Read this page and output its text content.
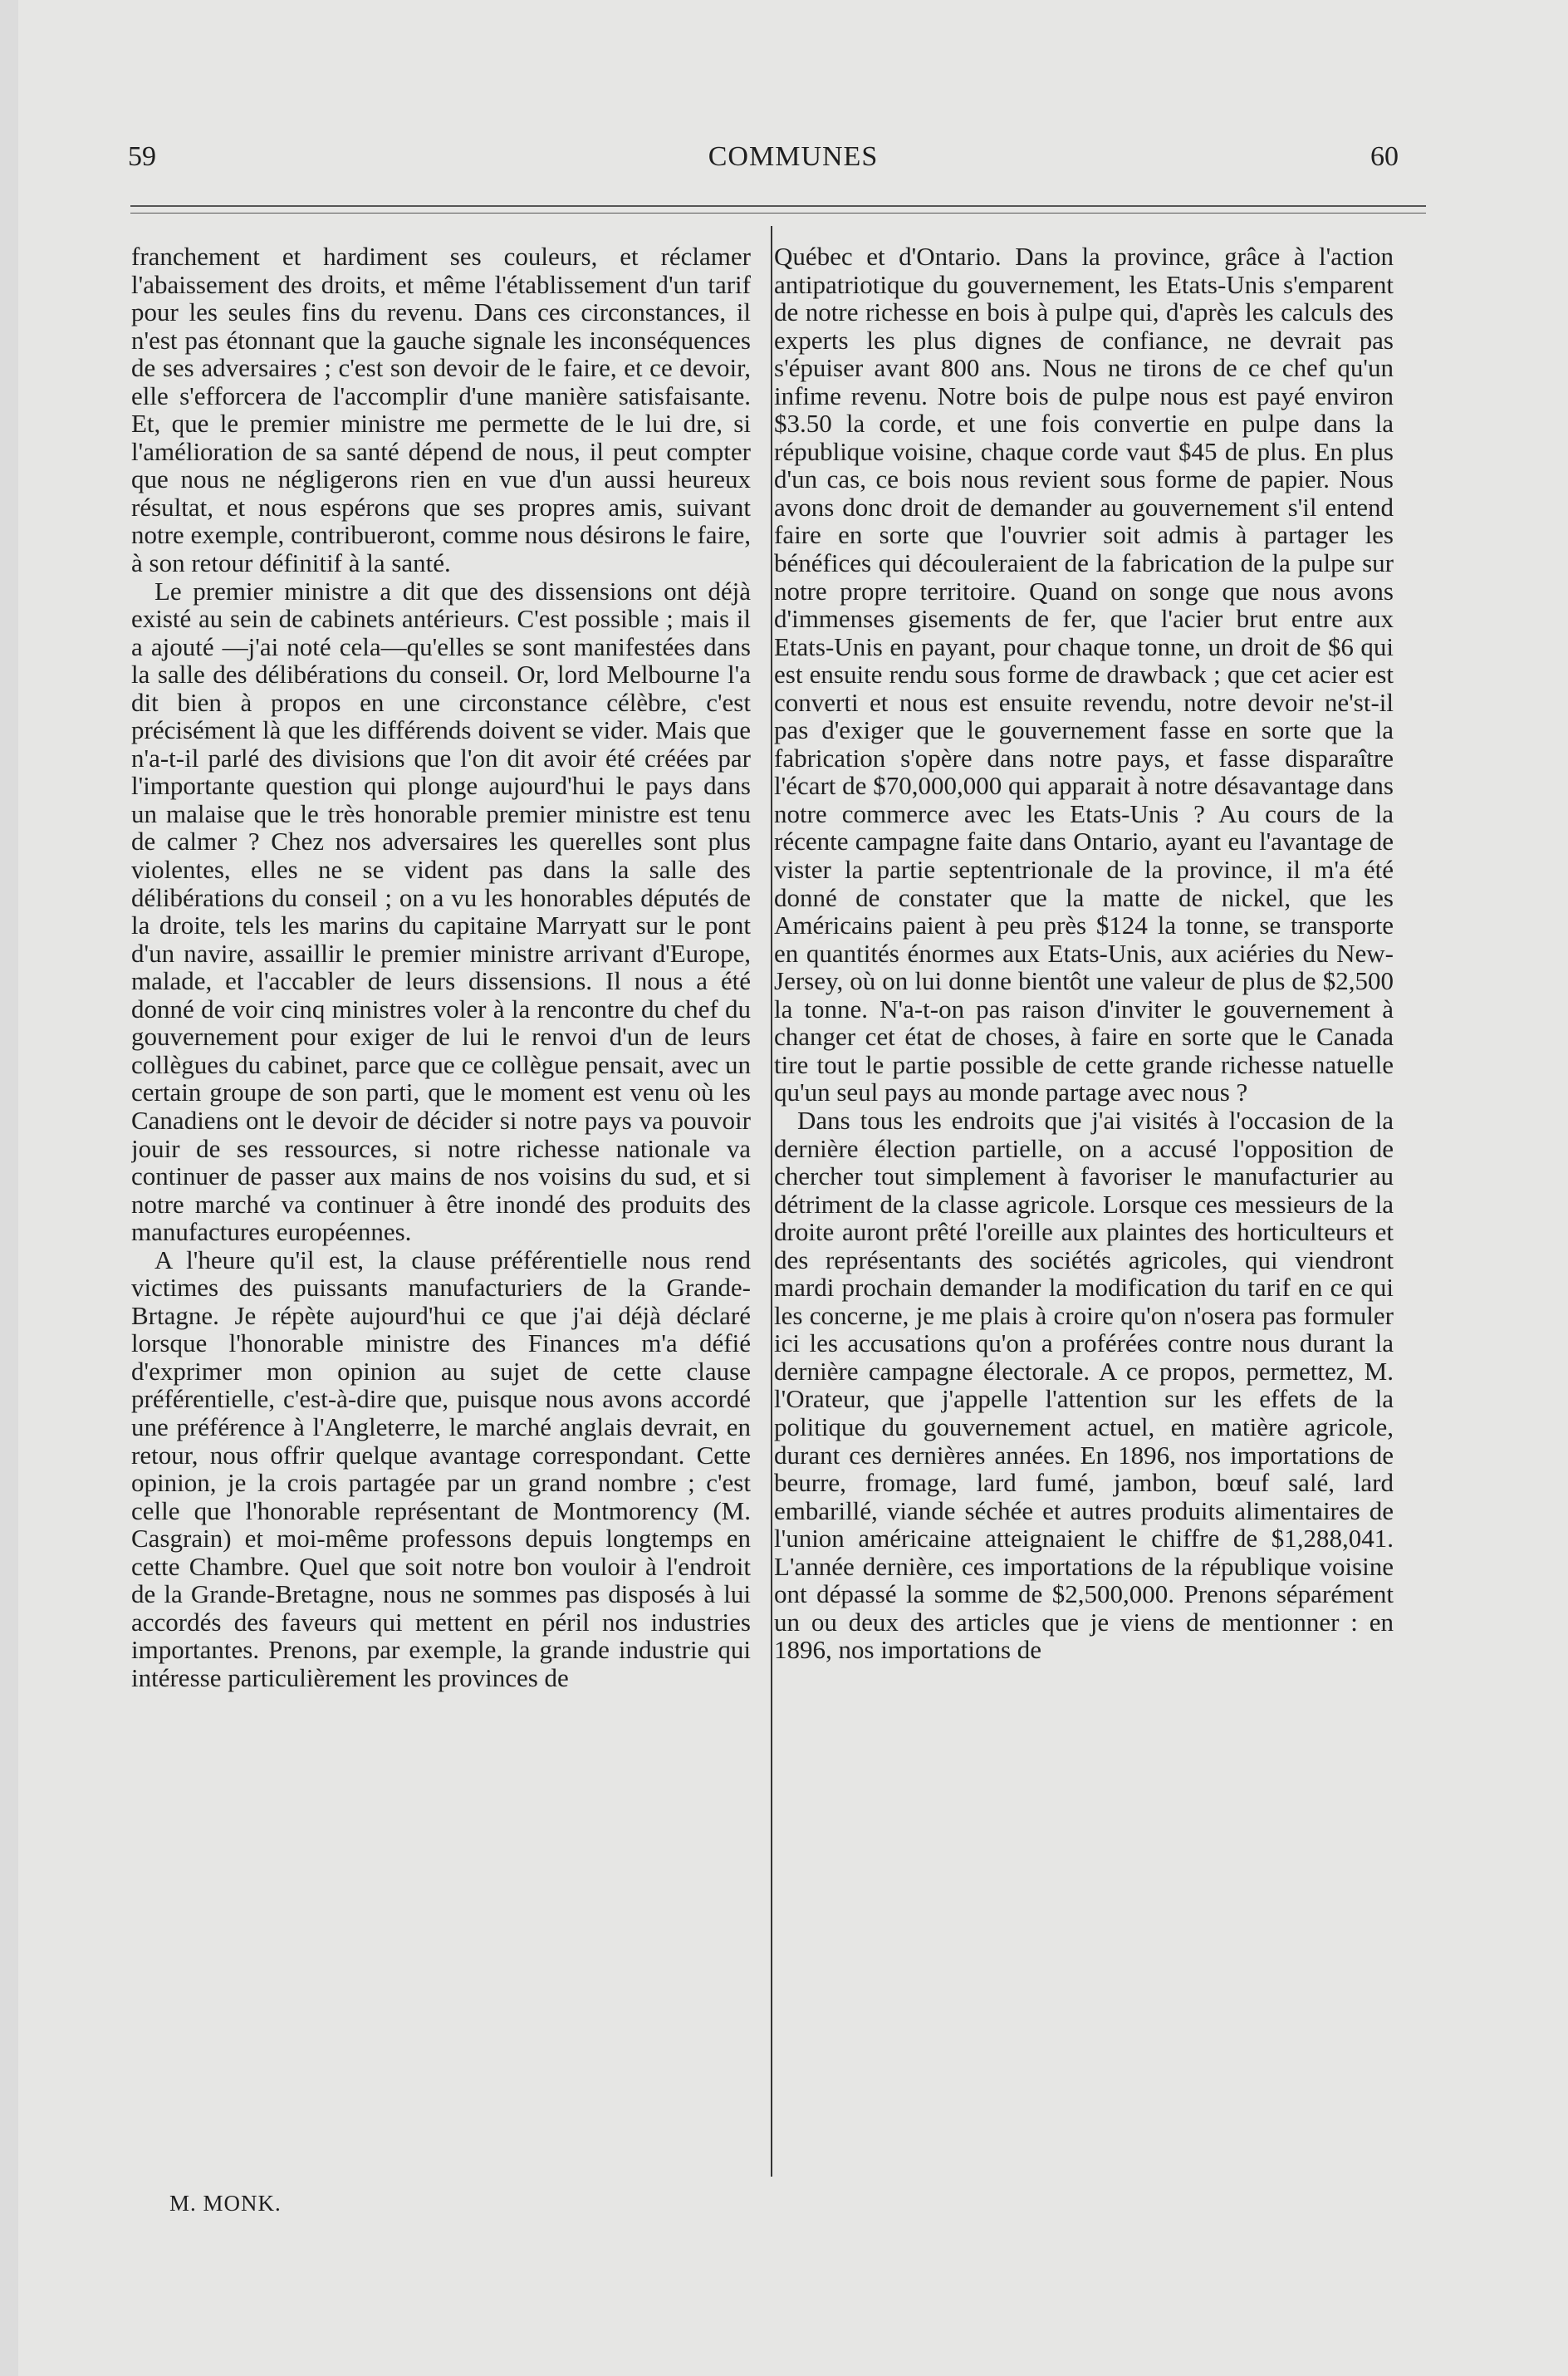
59	COMMUNES	60

franchement et hardiment ses couleurs, et réclamer l'abaissement des droits, et même l'établissement d'un tarif pour les seules fins du revenu. Dans ces circonstances, il n'est pas étonnant que la gauche signale les inconséquences de ses adversaires ; c'est son devoir de le faire, et ce devoir, elle s'efforcera de l'accomplir d'une manière satisfaisante. Et, que le premier ministre me permette de le lui dre, si l'amélioration de sa santé dépend de nous, il peut compter que nous ne négligerons rien en vue d'un aussi heureux résultat, et nous espérons que ses propres amis, suivant notre exemple, contribueront, comme nous désirons le faire, à son retour définitif à la santé.

Le premier ministre a dit que des dissensions ont déjà existé au sein de cabinets antérieurs. C'est possible ; mais il a ajouté —j'ai noté cela—qu'elles se sont manifestées dans la salle des délibérations du conseil. Or, lord Melbourne l'a dit bien à propos en une circonstance célèbre, c'est précisément là que les différends doivent se vider. Mais que n'a-t-il parlé des divisions que l'on dit avoir été créées par l'importante question qui plonge aujourd'hui le pays dans un malaise que le très honorable premier ministre est tenu de calmer ? Chez nos adversaires les querelles sont plus violentes, elles ne se vident pas dans la salle des délibérations du conseil ; on a vu les honorables députés de la droite, tels les marins du capitaine Marryatt sur le pont d'un navire, assaillir le premier ministre arrivant d'Europe, malade, et l'accabler de leurs dissensions. Il nous a été donné de voir cinq ministres voler à la rencontre du chef du gouvernement pour exiger de lui le renvoi d'un de leurs collègues du cabinet, parce que ce collègue pensait, avec un certain groupe de son parti, que le moment est venu où les Canadiens ont le devoir de décider si notre pays va pouvoir jouir de ses ressources, si notre richesse nationale va continuer de passer aux mains de nos voisins du sud, et si notre marché va continuer à être inondé des produits des manufactures européennes.

A l'heure qu'il est, la clause préférentielle nous rend victimes des puissants manufacturiers de la Grande-Brtagne. Je répète aujourd'hui ce que j'ai déjà déclaré lorsque l'honorable ministre des Finances m'a défié d'exprimer mon opinion au sujet de cette clause préférentielle, c'est-à-dire que, puisque nous avons accordé une préférence à l'Angleterre, le marché anglais devrait, en retour, nous offrir quelque avantage correspondant. Cette opinion, je la crois partagée par un grand nombre ; c'est celle que l'honorable représentant de Montmorency (M. Casgrain) et moi-même professons depuis longtemps en cette Chambre. Quel que soit notre bon vouloir à l'endroit de la Grande-Bretagne, nous ne sommes pas disposés à lui accordés des faveurs qui mettent en péril nos industries importantes. Prenons, par exemple, la grande industrie qui intéresse particulièrement les provinces de

Québec et d'Ontario. Dans la province, grâce à l'action antipatriotique du gouvernement, les Etats-Unis s'emparent de notre richesse en bois à pulpe qui, d'après les calculs des experts les plus dignes de confiance, ne devrait pas s'épuiser avant 800 ans. Nous ne tirons de ce chef qu'un infime revenu. Notre bois de pulpe nous est payé environ $3.50 la corde, et une fois convertie en pulpe dans la république voisine, chaque corde vaut $45 de plus. En plus d'un cas, ce bois nous revient sous forme de papier. Nous avons donc droit de demander au gouvernement s'il entend faire en sorte que l'ouvrier soit admis à partager les bénéfices qui découleraient de la fabrication de la pulpe sur notre propre territoire. Quand on songe que nous avons d'immenses gisements de fer, que l'acier brut entre aux Etats-Unis en payant, pour chaque tonne, un droit de $6 qui est ensuite rendu sous forme de drawback ; que cet acier est converti et nous est ensuite revendu, notre devoir ne'st-il pas d'exiger que le gouvernement fasse en sorte que la fabrication s'opère dans notre pays, et fasse disparaître l'écart de $70,000,000 qui apparait à notre désavantage dans notre commerce avec les Etats-Unis ? Au cours de la récente campagne faite dans Ontario, ayant eu l'avantage de vister la partie septentrionale de la province, il m'a été donné de constater que la matte de nickel, que les Américains paient à peu près $124 la tonne, se transporte en quantités énormes aux Etats-Unis, aux aciéries du New-Jersey, où on lui donne bientôt une valeur de plus de $2,500 la tonne. N'a-t-on pas raison d'inviter le gouvernement à changer cet état de choses, à faire en sorte que le Canada tire tout le partie possible de cette grande richesse natuelle qu'un seul pays au monde partage avec nous ?

Dans tous les endroits que j'ai visités à l'occasion de la dernière élection partielle, on a accusé l'opposition de chercher tout simplement à favoriser le manufacturier au détriment de la classe agricole. Lorsque ces messieurs de la droite auront prêté l'oreille aux plaintes des horticulteurs et des représentants des sociétés agricoles, qui viendront mardi prochain demander la modification du tarif en ce qui les concerne, je me plais à croire qu'on n'osera pas formuler ici les accusations qu'on a proférées contre nous durant la dernière campagne électorale. A ce propos, permettez, M. l'Orateur, que j'appelle l'attention sur les effets de la politique du gouvernement actuel, en matière agricole, durant ces dernières années. En 1896, nos importations de beurre, fromage, lard fumé, jambon, bœuf salé, lard embarillé, viande séchée et autres produits alimentaires de l'union américaine atteignaient le chiffre de $1,288,041. L'année dernière, ces importations de la république voisine ont dépassé la somme de $2,500,000. Prenons séparément un ou deux des articles que je viens de mentionner : en 1896, nos importations de

M. MONK.
